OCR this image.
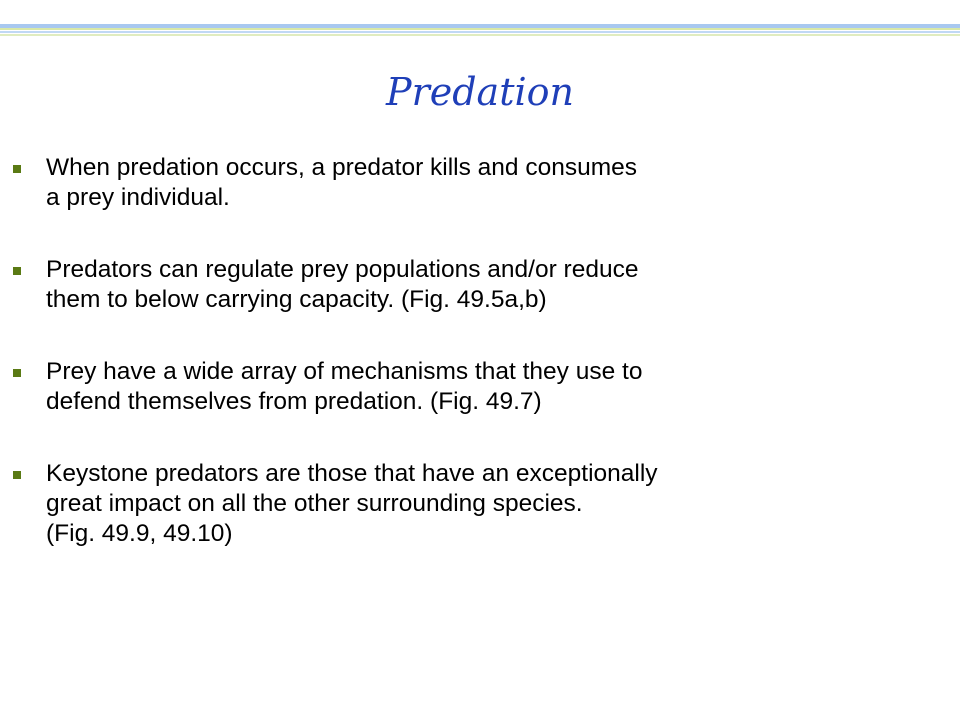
Predation
When predation occurs, a predator kills and consumes
a prey individual.
Predators can regulate prey populations and/or reduce
them to below carrying capacity. (Fig. 49.5a,b)
Prey have a wide array of mechanisms that they use to
defend themselves from predation. (Fig. 49.7)
Keystone predators are those that have an exceptionally
great impact on all the other surrounding species.
(Fig. 49.9, 49.10)
